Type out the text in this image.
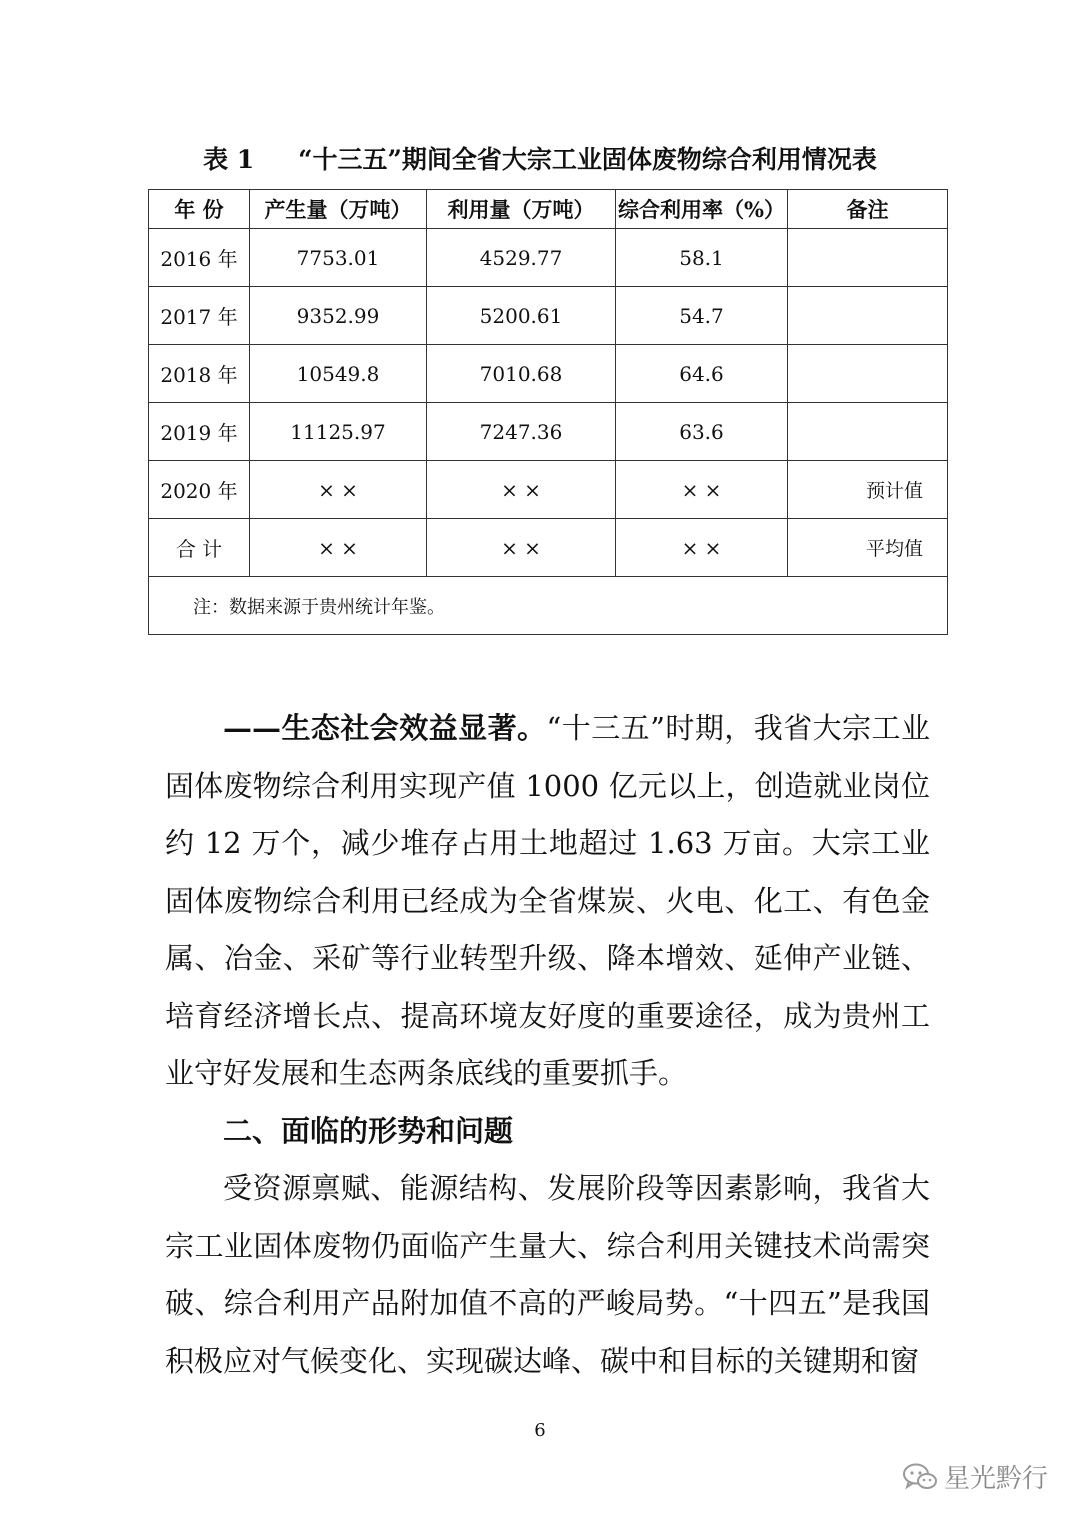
表 1 “十三五”期间全省大宗工业固体废物综合利用情况表
年 份	产生量（万吨）	利用量（万吨）	综合利用率（%）	备注
2016 年	7753.01	4529.77	58.1	
2017 年	9352.99	5200.61	54.7	
2018 年	10549.8	7010.68	64.6	
2019 年	11125.97	7247.36	63.6	
2020 年	× ×	× ×	× ×	预计值
合 计	× ×	× ×	× ×	平均值
注：数据来源于贵州统计年鉴。				

——生态社会效益显著。“十三五”时期，我省大宗工业固体废物综合利用实现产值 1000 亿元以上，创造就业岗位约 12 万个，减少堆存占用土地超过 1.63 万亩。大宗工业固体废物综合利用已经成为全省煤炭、火电、化工、有色金属、冶金、采矿等行业转型升级、降本增效、延伸产业链、培育经济增长点、提高环境友好度的重要途径，成为贵州工业守好发展和生态两条底线的重要抓手。

二、面临的形势和问题

受资源禀赋、能源结构、发展阶段等因素影响，我省大宗工业固体废物仍面临产生量大、综合利用关键技术尚需突破、综合利用产品附加值不高的严峻局势。“十四五”是我国积极应对气候变化、实现碳达峰、碳中和目标的关键期和窗

6
星光黔行
